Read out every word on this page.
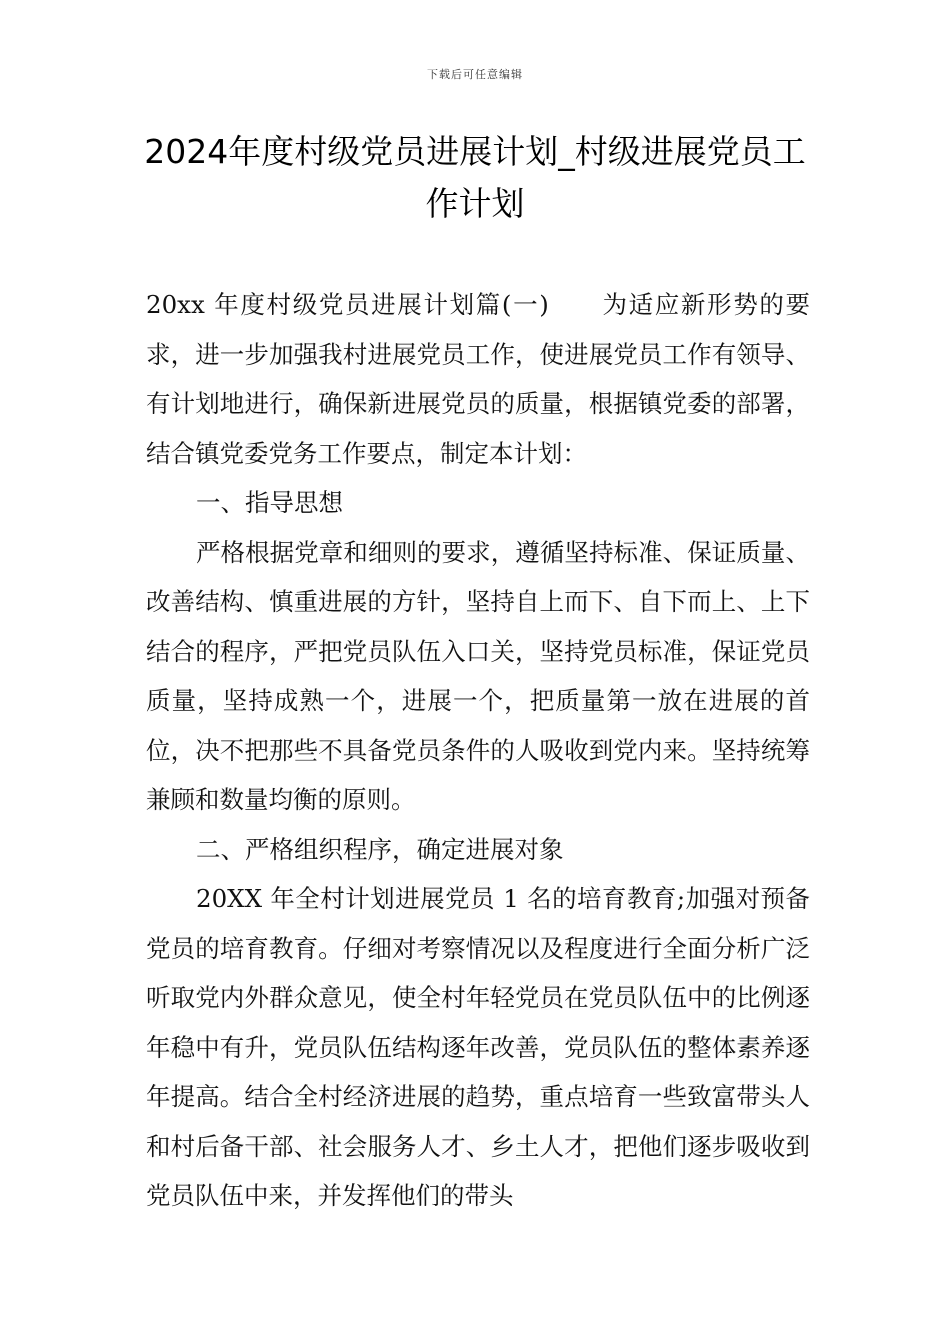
下载后可任意编辑
2024年度村级党员进展计划_村级进展党员工作计划

20xx 年度村级党员进展计划篇(一) 为适应新形势的要求，进一步加强我村进展党员工作，使进展党员工作有领导、有计划地进行，确保新进展党员的质量，根据镇党委的部署，结合镇党委党务工作要点，制定本计划：

一、指导思想

严格根据党章和细则的要求，遵循坚持标准、保证质量、改善结构、慎重进展的方针，坚持自上而下、自下而上、上下结合的程序，严把党员队伍入口关，坚持党员标准，保证党员质量，坚持成熟一个，进展一个，把质量第一放在进展的首位，决不把那些不具备党员条件的人吸收到党内来。坚持统筹兼顾和数量均衡的原则。

二、严格组织程序，确定进展对象

20XX 年全村计划进展党员 1 名的培育教育;加强对预备党员的培育教育。仔细对考察情况以及程度进行全面分析广泛听取党内外群众意见，使全村年轻党员在党员队伍中的比例逐年稳中有升，党员队伍结构逐年改善，党员队伍的整体素养逐年提高。结合全村经济进展的趋势，重点培育一些致富带头人和村后备干部、社会服务人才、乡土人才，把他们逐步吸收到党员队伍中来，并发挥他们的带头
